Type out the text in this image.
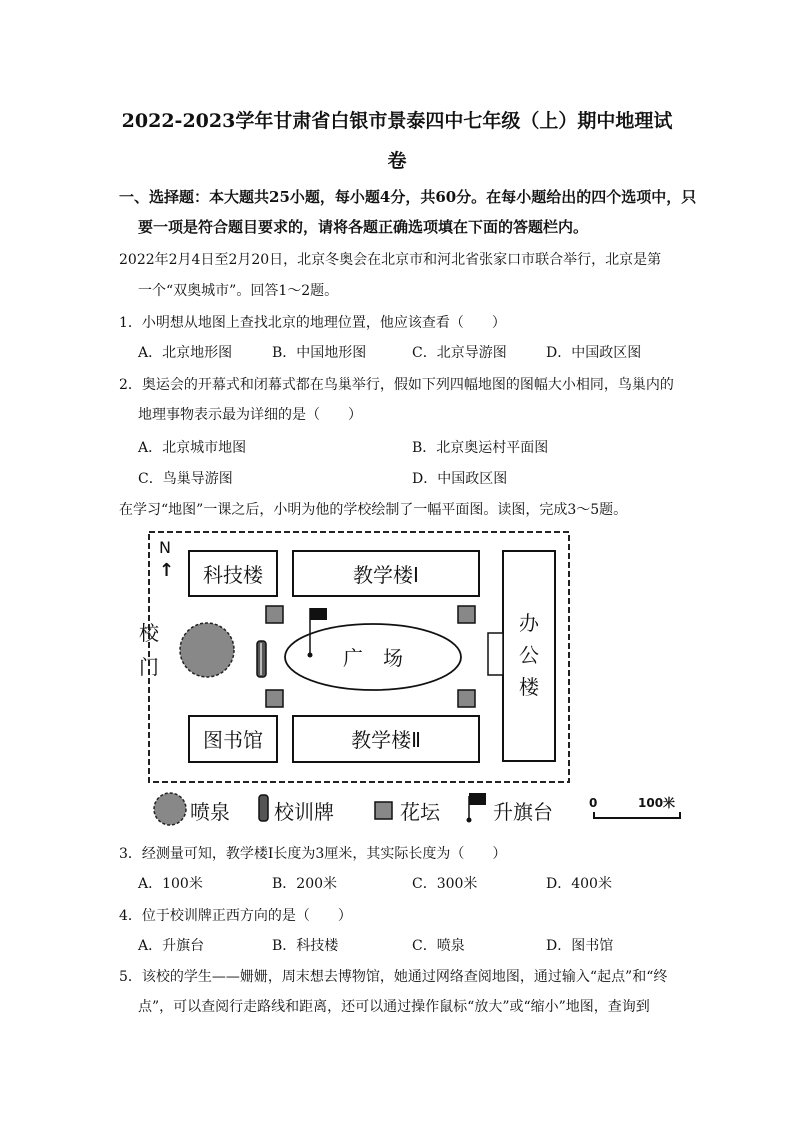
2022-2023学年甘肃省白银市景泰四中七年级（上）期中地理试
卷

一、选择题：本大题共25小题，每小题4分，共60分。在每小题给出的四个选项中，只

要一项是符合题目要求的，请将各题正确选项填在下面的答题栏内。

2022年2月4日至2月20日，北京冬奥会在北京市和河北省张家口市联合举行，北京是第

一个“双奥城市”。回答1～2题。

1．小明想从地图上查找北京的地理位置，他应该查看（　　）

A．北京地形图	B．中国地形图	C．北京导游图	D．中国政区图

2．奥运会的开幕式和闭幕式都在鸟巢举行，假如下列四幅地图的图幅大小相同，鸟巢内的

地理事物表示最为详细的是（　　）

A．北京城市地图	B．北京奥运村平面图
C．鸟巢导游图	D．中国政区图

在学习“地图”一课之后，小明为他的学校绘制了一幅平面图。读图，完成3～5题。

N
↑
校
门
科技楼	教学楼Ⅰ
图书馆	教学楼Ⅱ
办
公
楼
广　场
喷泉 校训牌	花坛	升旗台	0	100米

3．经测量可知，教学楼Ⅰ长度为3厘米，其实际长度为（　　）

A．100米	B．200米	C．300米	D．400米

4．位于校训牌正西方向的是（　　）

A．升旗台	B．科技楼	C．喷泉	D．图书馆

5．该校的学生——姗姗，周末想去博物馆，她通过网络查阅地图，通过输入“起点”和“终

点”，可以查阅行走路线和距离，还可以通过操作鼠标“放大”或“缩小”地图，查询到
